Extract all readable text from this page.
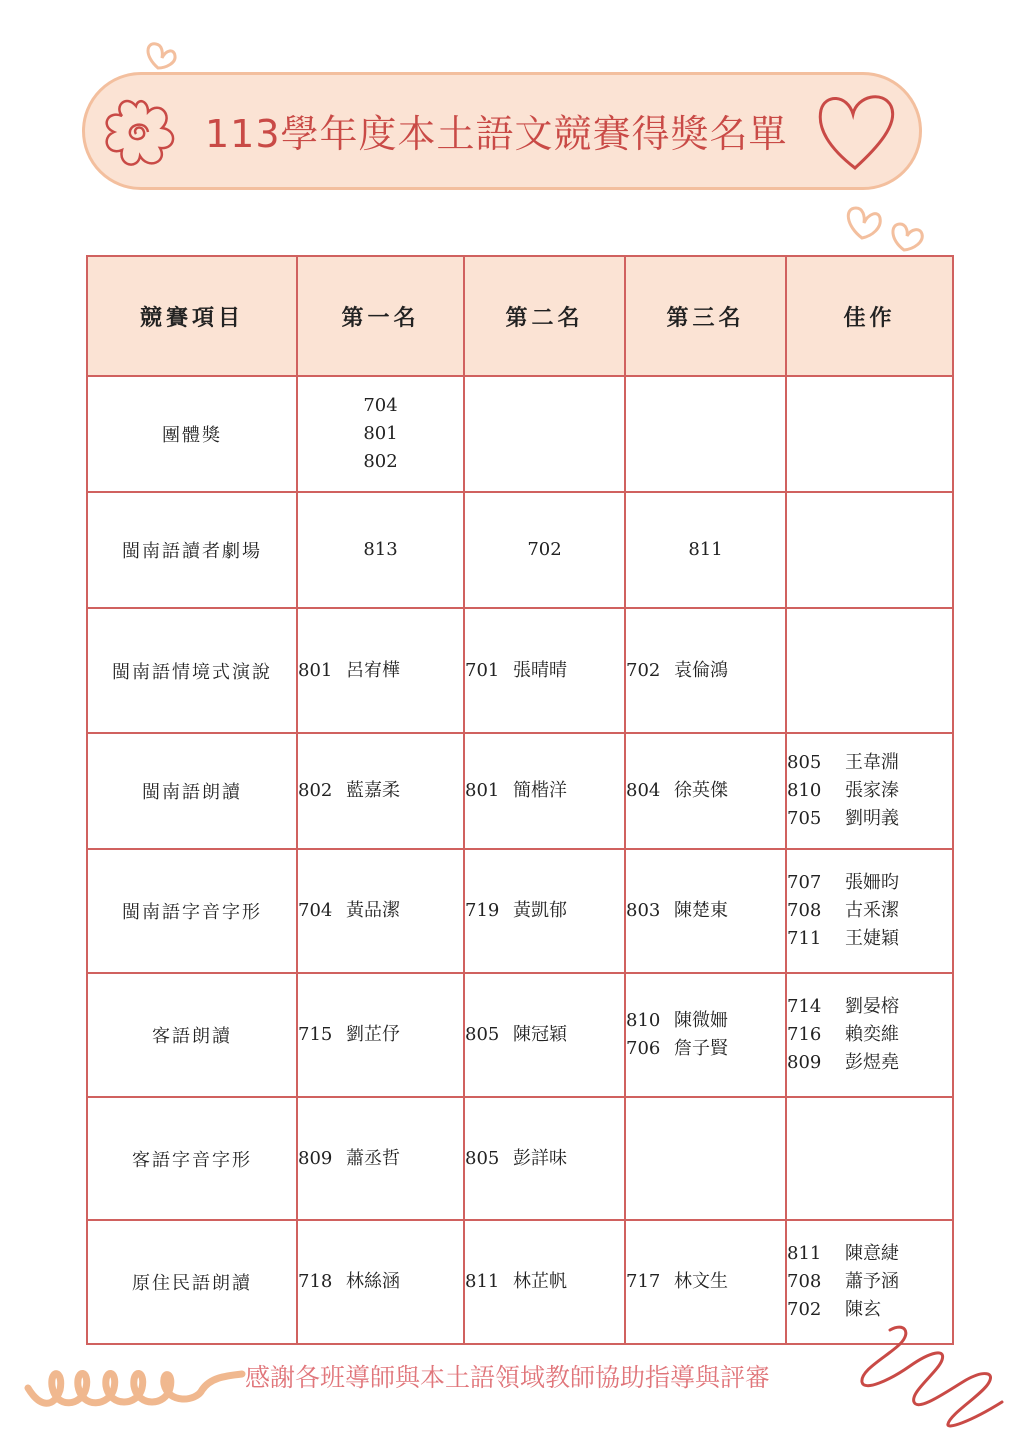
113學年度本土語文競賽得獎名單
競賽項目	第一名	第二名	第三名	佳作
團體獎	704
801
802			

閩南語讀者劇場	813	702	811	

閩南語情境式演說	801 呂宥樺	701 張晴晴	702 袁倫鴻	

閩南語朗讀	802 藍嘉柔	801 簡楷洋	804 徐英傑	805 王韋淵
810 張家溱
705 劉明義

閩南語字音字形	704 黃品潔	719 黃凱郁	803 陳楚東	707 張姍昀
708 古釆潔
711 王婕穎

客語朗讀	715 劉芷伃	805 陳冠穎	810 陳微姍
706 詹子賢	714 劉晏榕
716 賴奕維
809 彭煜堯

客語字音字形	809 蕭丞哲	805 彭詳味		

原住民語朗讀	718 林絲涵	811 林芷帆	717 林文生	811 陳意緁
708 蕭予涵
702 陳玄
感謝各班導師與本土語領域教師協助指導與評審
